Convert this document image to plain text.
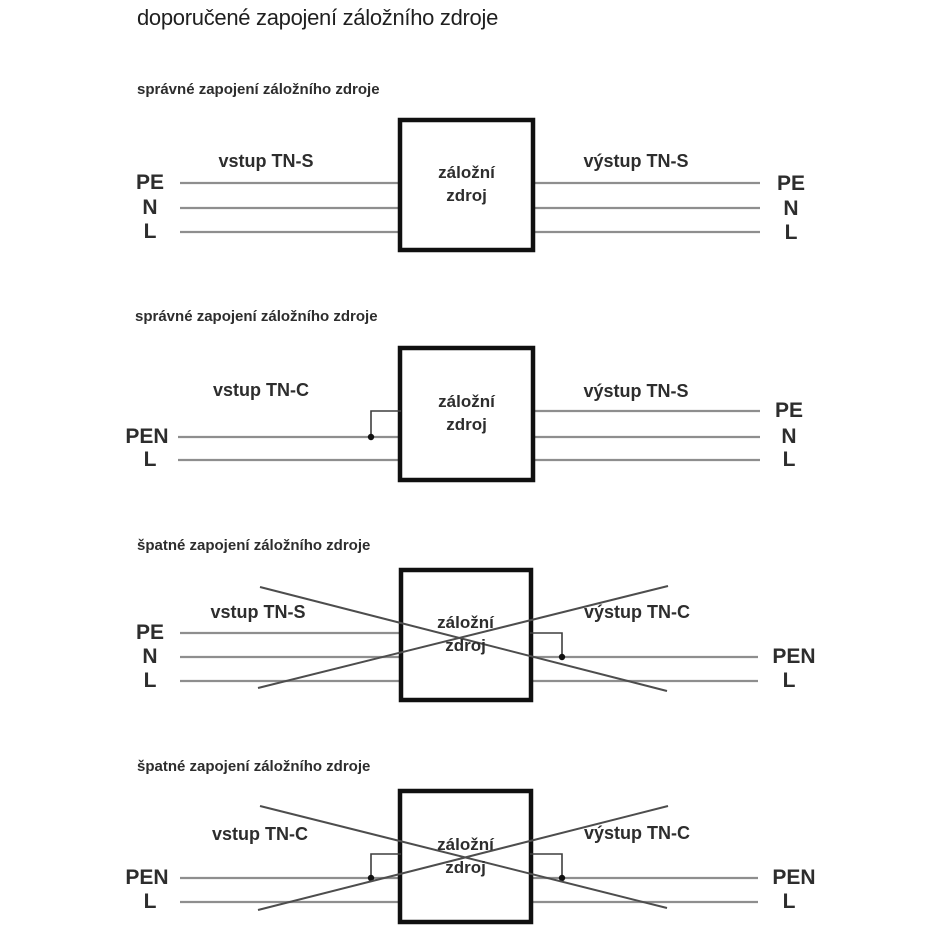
doporučené zapojení záložního zdroje
správné zapojení záložního zdroje
správné zapojení záložního zdroje
špatné zapojení záložního zdroje
špatné zapojení záložního zdroje
vstup TN-S	výstup TN-S
vstup TN-C	výstup TN-S
vstup TN-S	výstup TN-C
vstup TN-C	výstup TN-C
záložní
zdroj
záložní
zdroj
záložní
zdroj
záložní
zdroj
PE
N
L
PE
N
L
PEN
L
PE
N
L
PE
N
L
PEN
L
PEN
L
PEN
L
